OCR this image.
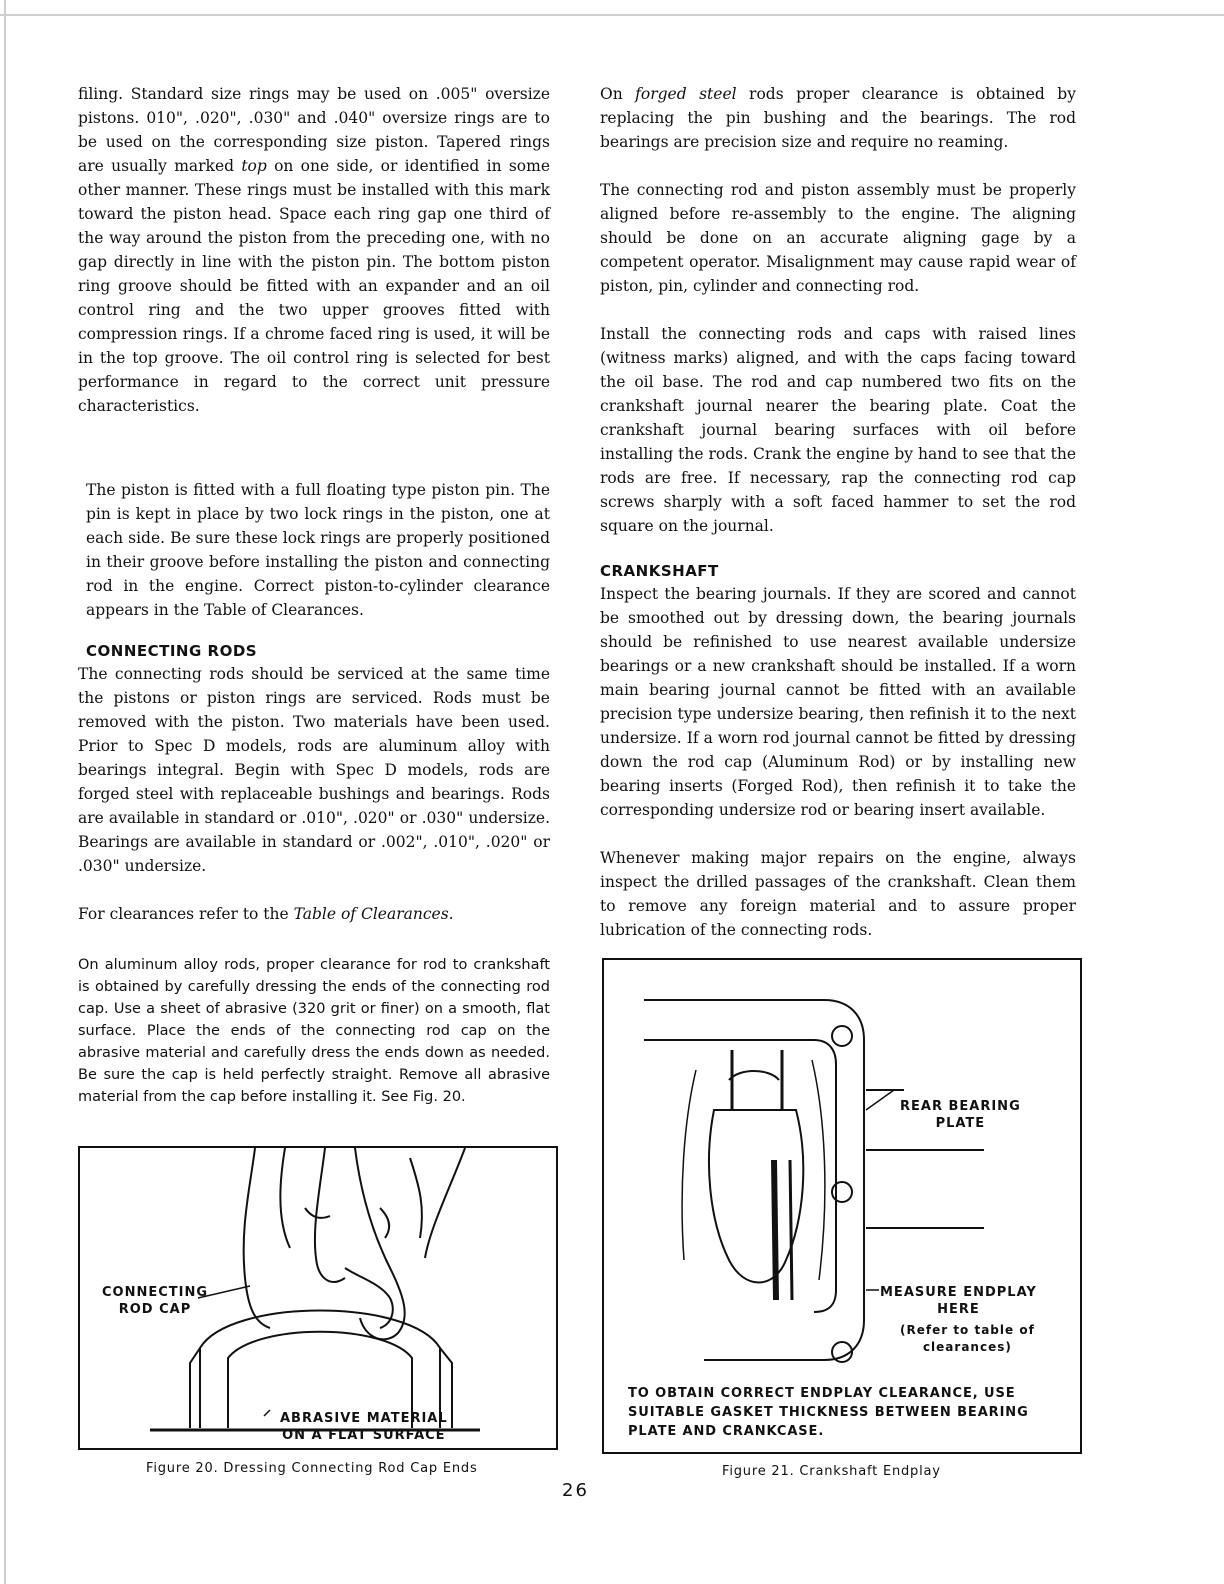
filing. Standard size rings may be used on .005" oversize pistons. 010", .020", .030" and .040" oversize rings are to be used on the corresponding size piston. Tapered rings are usually marked top on one side, or identified in some other manner. These rings must be installed with this mark toward the piston head. Space each ring gap one third of the way around the piston from the preceding one, with no gap directly in line with the piston pin. The bottom piston ring groove should be fitted with an expander and an oil control ring and the two upper grooves fitted with compression rings. If a chrome faced ring is used, it will be in the top groove. The oil control ring is selected for best performance in regard to the correct unit pressure characteristics.

The piston is fitted with a full floating type piston pin. The pin is kept in place by two lock rings in the piston, one at each side. Be sure these lock rings are properly positioned in their groove before installing the piston and connecting rod in the engine. Correct piston-to-cylinder clearance appears in the Table of Clearances.

CONNECTING RODS

The connecting rods should be serviced at the same time the pistons or piston rings are serviced. Rods must be removed with the piston. Two materials have been used. Prior to Spec D models, rods are aluminum alloy with bearings integral. Begin with Spec D models, rods are forged steel with replaceable bushings and bearings. Rods are available in standard or .010", .020" or .030" undersize. Bearings are available in standard or .002", .010", .020" or .030" undersize.

For clearances refer to the Table of Clearances.

On aluminum alloy rods, proper clearance for rod to crankshaft is obtained by carefully dressing the ends of the connecting rod cap. Use a sheet of abrasive (320 grit or finer) on a smooth, flat surface. Place the ends of the connecting rod cap on the abrasive material and carefully dress the ends down as needed. Be sure the cap is held perfectly straight. Remove all abrasive material from the cap before installing it. See Fig. 20.

On forged steel rods proper clearance is obtained by replacing the pin bushing and the bearings. The rod bearings are precision size and require no reaming.

The connecting rod and piston assembly must be properly aligned before re-assembly to the engine. The aligning should be done on an accurate aligning gage by a competent operator. Misalignment may cause rapid wear of piston, pin, cylinder and connecting rod.

Install the connecting rods and caps with raised lines (witness marks) aligned, and with the caps facing toward the oil base. The rod and cap numbered two fits on the crankshaft journal nearer the bearing plate. Coat the crankshaft journal bearing surfaces with oil before installing the rods. Crank the engine by hand to see that the rods are free. If necessary, rap the connecting rod cap screws sharply with a soft faced hammer to set the rod square on the journal.

CRANKSHAFT

Inspect the bearing journals. If they are scored and cannot be smoothed out by dressing down, the bearing journals should be refinished to use nearest available undersize bearings or a new crankshaft should be installed. If a worn main bearing journal cannot be fitted with an available precision type undersize bearing, then refinish it to the next undersize. If a worn rod journal cannot be fitted by dressing down the rod cap (Aluminum Rod) or by installing new bearing inserts (Forged Rod), then refinish it to take the corresponding undersize rod or bearing insert available.

Whenever making major repairs on the engine, always inspect the drilled passages of the crankshaft. Clean them to remove any foreign material and to assure proper lubrication of the connecting rods.

CONNECTING
ROD CAP
ABRASIVE MATERIAL
ON A FLAT SURFACE
Figure 20. Dressing Connecting Rod Cap Ends
REAR BEARING
PLATE
MEASURE ENDPLAY
HERE
(Refer to table of
clearances)
TO OBTAIN CORRECT ENDPLAY CLEARANCE, USE SUITABLE GASKET THICKNESS BETWEEN BEARING PLATE AND CRANKCASE.
Figure 21. Crankshaft Endplay
26
